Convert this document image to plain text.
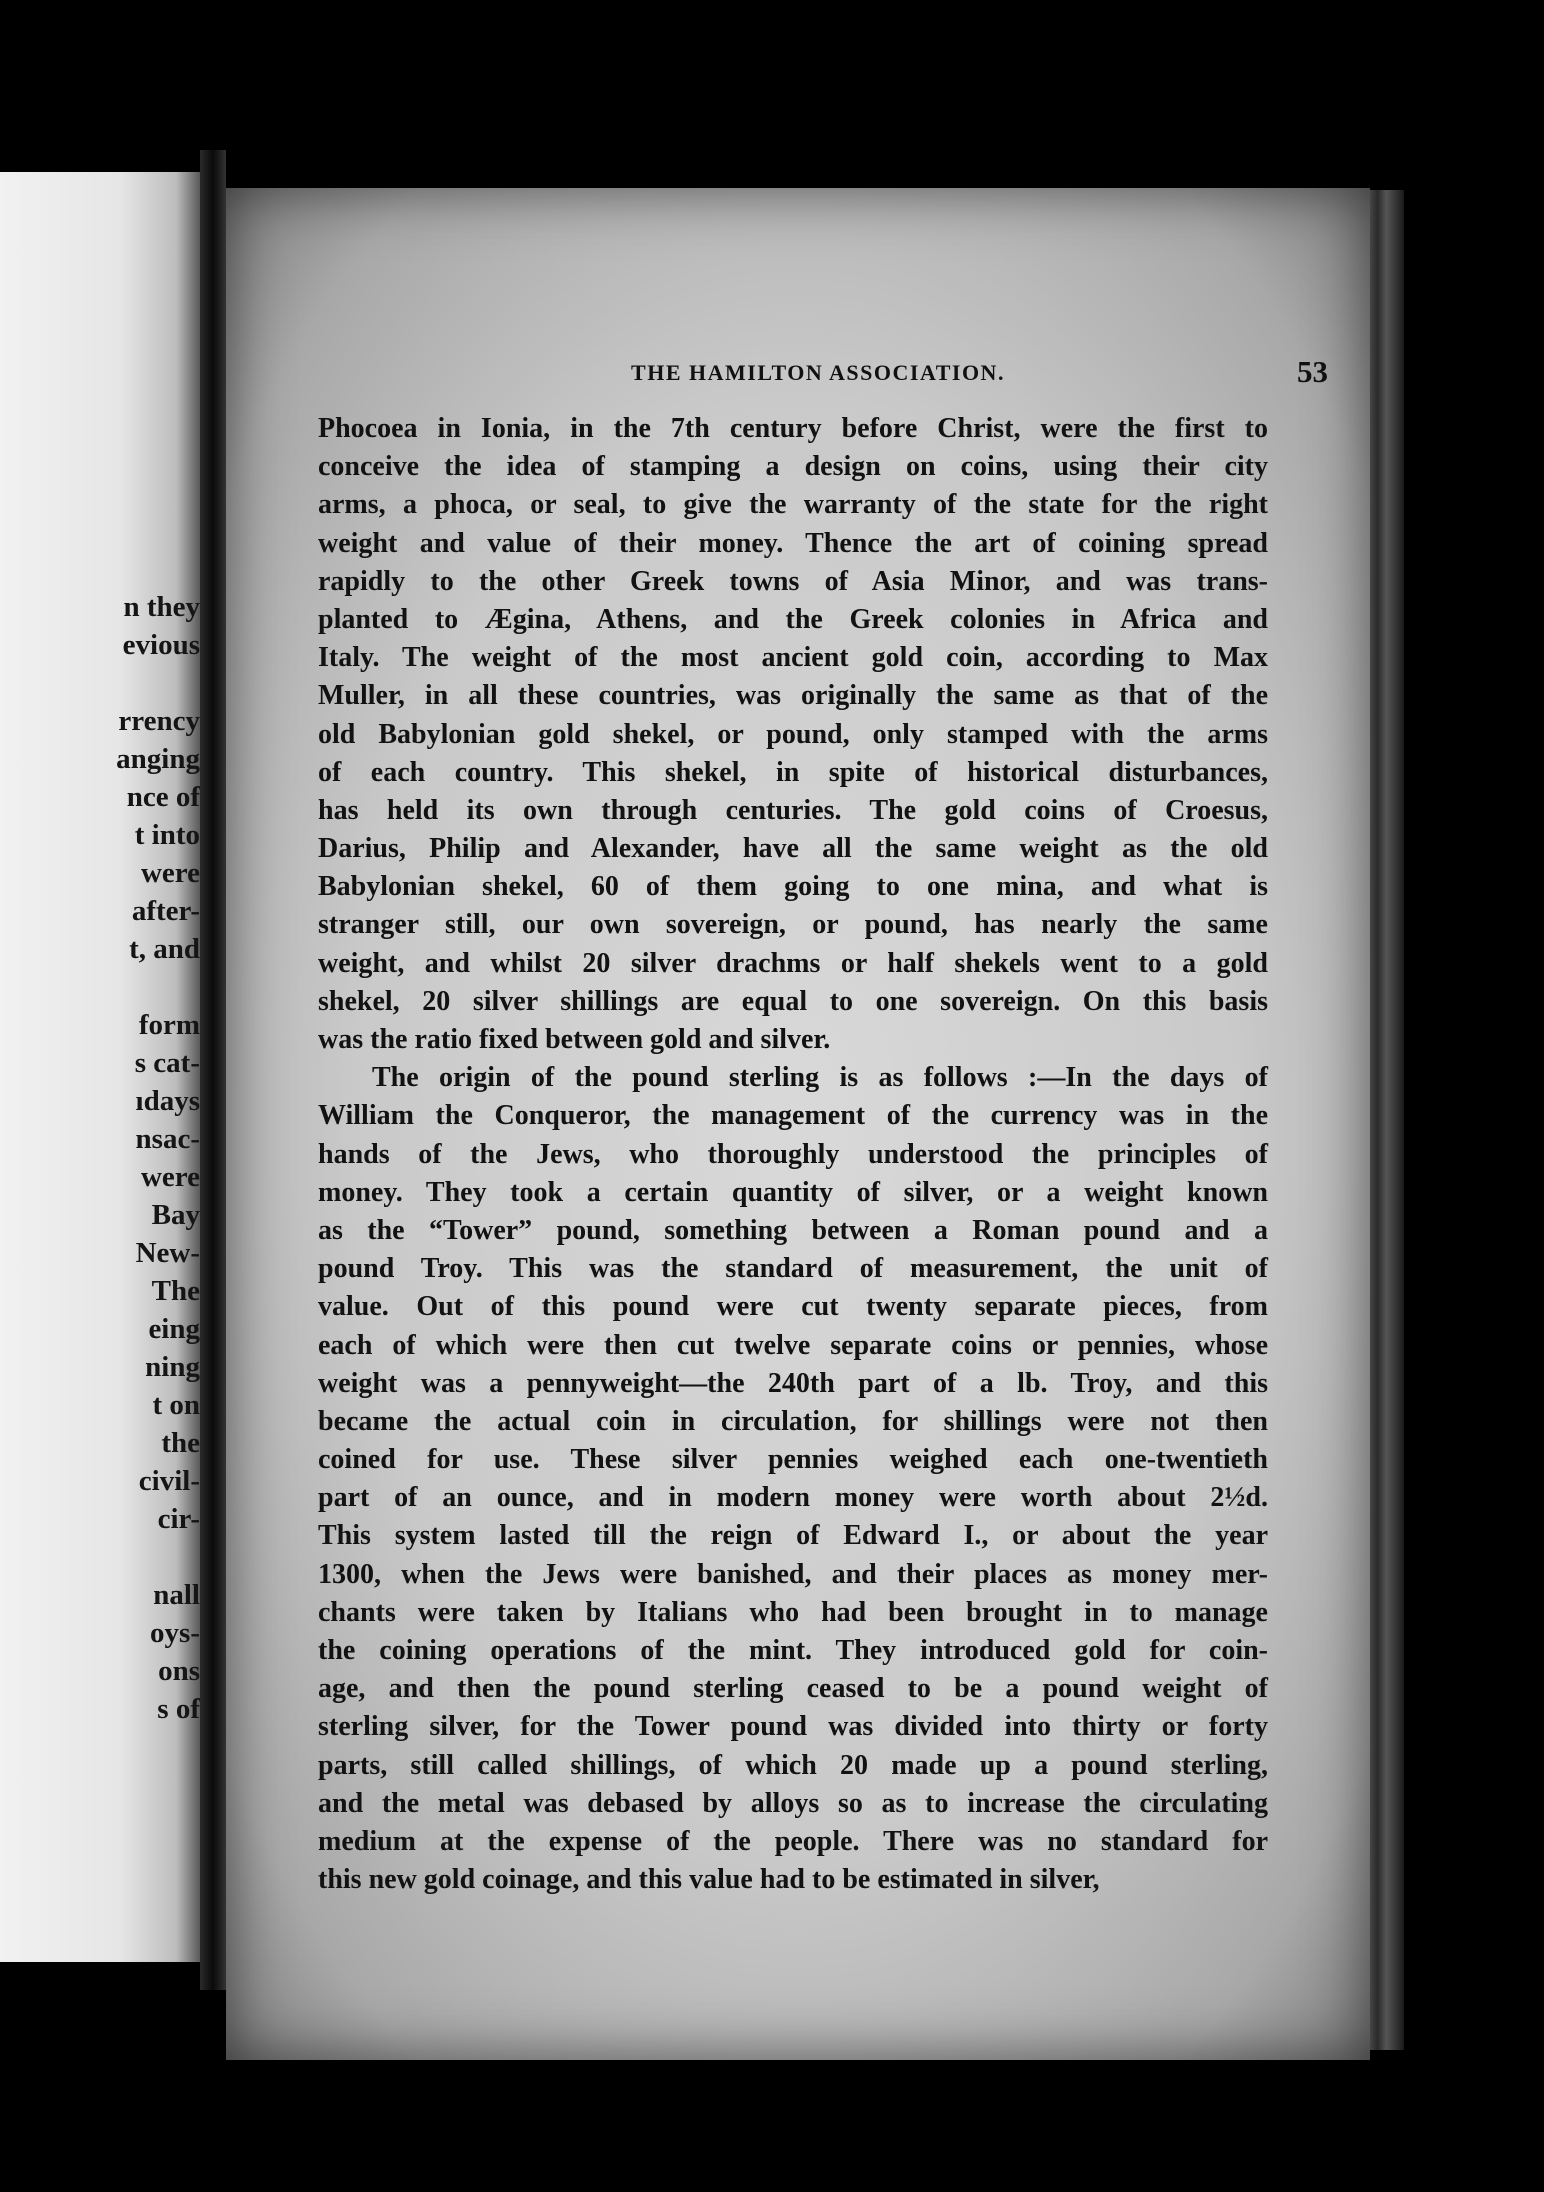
n they
evious
rrency
anging
nce of
t into
were
after-
t, and
form
s cat-
ıdays
nsac-
were
Bay
New-
The
eing
ning
t on
the
civil-
cir-
nall
oys-
ons
s of
THE HAMILTON ASSOCIATION.	53
Phocoea in Ionia, in the 7th century before Christ, were the first to
conceive the idea of stamping a design on coins, using their city
arms, a phoca, or seal, to give the warranty of the state for the right
weight and value of their money. Thence the art of coining spread
rapidly to the other Greek towns of Asia Minor, and was trans-
planted to Ægina, Athens, and the Greek colonies in Africa and
Italy. The weight of the most ancient gold coin, according to Max
Muller, in all these countries, was originally the same as that of the
old Babylonian gold shekel, or pound, only stamped with the arms
of each country. This shekel, in spite of historical disturbances,
has held its own through centuries. The gold coins of Croesus,
Darius, Philip and Alexander, have all the same weight as the old
Babylonian shekel, 60 of them going to one mina, and what is
stranger still, our own sovereign, or pound, has nearly the same
weight, and whilst 20 silver drachms or half shekels went to a gold
shekel, 20 silver shillings are equal to one sovereign. On this basis
was the ratio fixed between gold and silver.
The origin of the pound sterling is as follows :—In the days of
William the Conqueror, the management of the currency was in the
hands of the Jews, who thoroughly understood the principles of
money. They took a certain quantity of silver, or a weight known
as the “Tower” pound, something between a Roman pound and a
pound Troy. This was the standard of measurement, the unit of
value. Out of this pound were cut twenty separate pieces, from
each of which were then cut twelve separate coins or pennies, whose
weight was a pennyweight—the 240th part of a lb. Troy, and this
became the actual coin in circulation, for shillings were not then
coined for use. These silver pennies weighed each one-twentieth
part of an ounce, and in modern money were worth about 2½d.
This system lasted till the reign of Edward I., or about the year
1300, when the Jews were banished, and their places as money mer-
chants were taken by Italians who had been brought in to manage
the coining operations of the mint. They introduced gold for coin-
age, and then the pound sterling ceased to be a pound weight of
sterling silver, for the Tower pound was divided into thirty or forty
parts, still called shillings, of which 20 made up a pound sterling,
and the metal was debased by alloys so as to increase the circulating
medium at the expense of the people. There was no standard for
this new gold coinage, and this value had to be estimated in silver,
